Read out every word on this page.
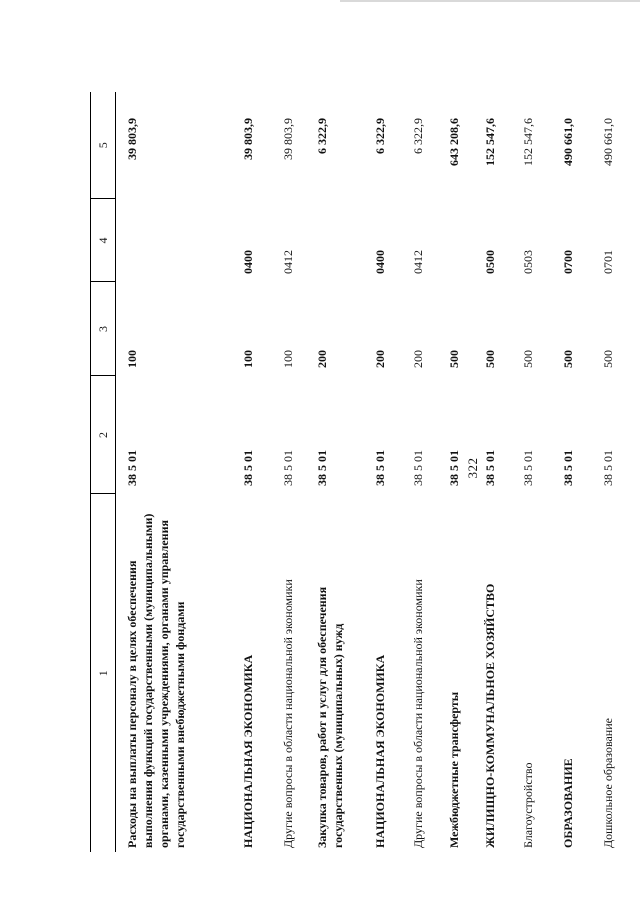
322
1	2	3	4	5
Расходы на выплаты персоналу в целях обеспечения выполнения функций государственными (муниципальными) органами, казенными учреждениями, органами управления государственными внебюджетными фондами	38 5 01	100		39 803,9
НАЦИОНАЛЬНАЯ ЭКОНОМИКА	38 5 01	100	0400	39 803,9
Другие вопросы в области национальной экономики	38 5 01	100	0412	39 803,9
Закупка товаров, работ и услуг для обеспечения государственных (муниципальных) нужд	38 5 01	200		6 322,9
НАЦИОНАЛЬНАЯ ЭКОНОМИКА	38 5 01	200	0400	6 322,9
Другие вопросы в области национальной экономики	38 5 01	200	0412	6 322,9
Межбюджетные трансферты	38 5 01	500		643 208,6
ЖИЛИЩНО-КОММУНАЛЬНОЕ ХОЗЯЙСТВО	38 5 01	500	0500	152 547,6
Благоустройство	38 5 01	500	0503	152 547,6
ОБРАЗОВАНИЕ	38 5 01	500	0700	490 661,0
Дошкольное образование	38 5 01	500	0701	490 661,0
